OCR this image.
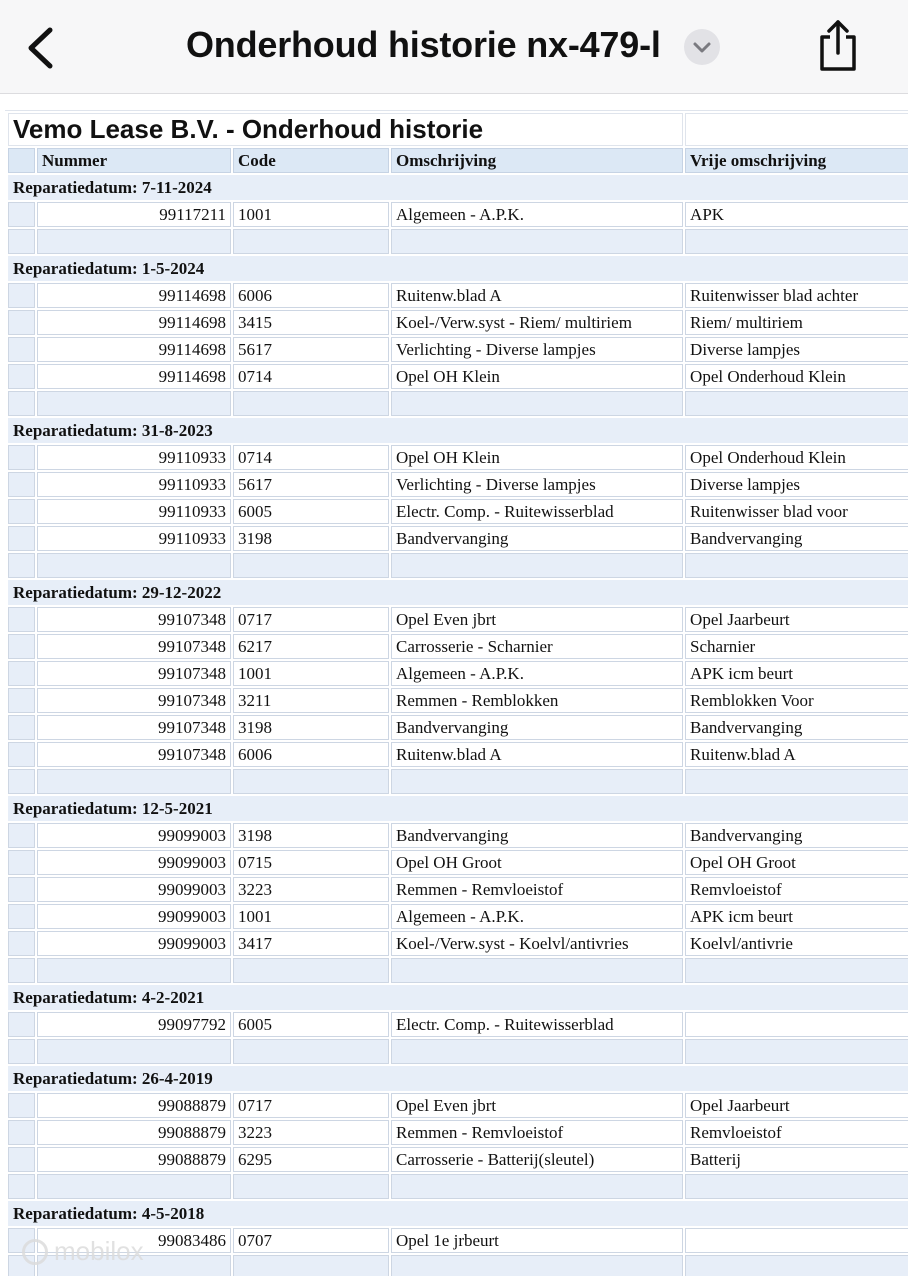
Onderhoud historie nx-479-l
Vemo Lease B.V. - Onderhoud historie				
	Nummer	Code	Omschrijving	Vrije omschrijving
Reparatiedatum: 7-11-2024				
	99117211	1001	Algemeen - A.P.K.	APK

Reparatiedatum: 1-5-2024				
	99114698	6006	Ruitenw.blad A	Ruitenwisser blad achter
	99114698	3415	Koel-/Verw.syst - Riem/ multiriem	Riem/ multiriem
	99114698	5617	Verlichting - Diverse lampjes	Diverse lampjes
	99114698	0714	Opel OH Klein	Opel Onderhoud Klein

Reparatiedatum: 31-8-2023				
	99110933	0714	Opel OH Klein	Opel Onderhoud Klein
	99110933	5617	Verlichting - Diverse lampjes	Diverse lampjes
	99110933	6005	Electr. Comp. - Ruitewisserblad	Ruitenwisser blad voor
	99110933	3198	Bandvervanging	Bandvervanging

Reparatiedatum: 29-12-2022				
	99107348	0717	Opel Even jbrt	Opel Jaarbeurt
	99107348	6217	Carrosserie - Scharnier	Scharnier
	99107348	1001	Algemeen - A.P.K.	APK icm beurt
	99107348	3211	Remmen - Remblokken	Remblokken Voor
	99107348	3198	Bandvervanging	Bandvervanging
	99107348	6006	Ruitenw.blad A	Ruitenw.blad A

Reparatiedatum: 12-5-2021				
	99099003	3198	Bandvervanging	Bandvervanging
	99099003	0715	Opel OH Groot	Opel OH Groot
	99099003	3223	Remmen - Remvloeistof	Remvloeistof
	99099003	1001	Algemeen - A.P.K.	APK icm beurt
	99099003	3417	Koel-/Verw.syst - Koelvl/antivries	Koelvl/antivrie

Reparatiedatum: 4-2-2021				
	99097792	6005	Electr. Comp. - Ruitewisserblad	

Reparatiedatum: 26-4-2019				
	99088879	0717	Opel Even jbrt	Opel Jaarbeurt
	99088879	3223	Remmen - Remvloeistof	Remvloeistof
	99088879	6295	Carrosserie - Batterij(sleutel)	Batterij

Reparatiedatum: 4-5-2018				
	99083486	0707	Opel 1e jrbeurt	

mobilox
